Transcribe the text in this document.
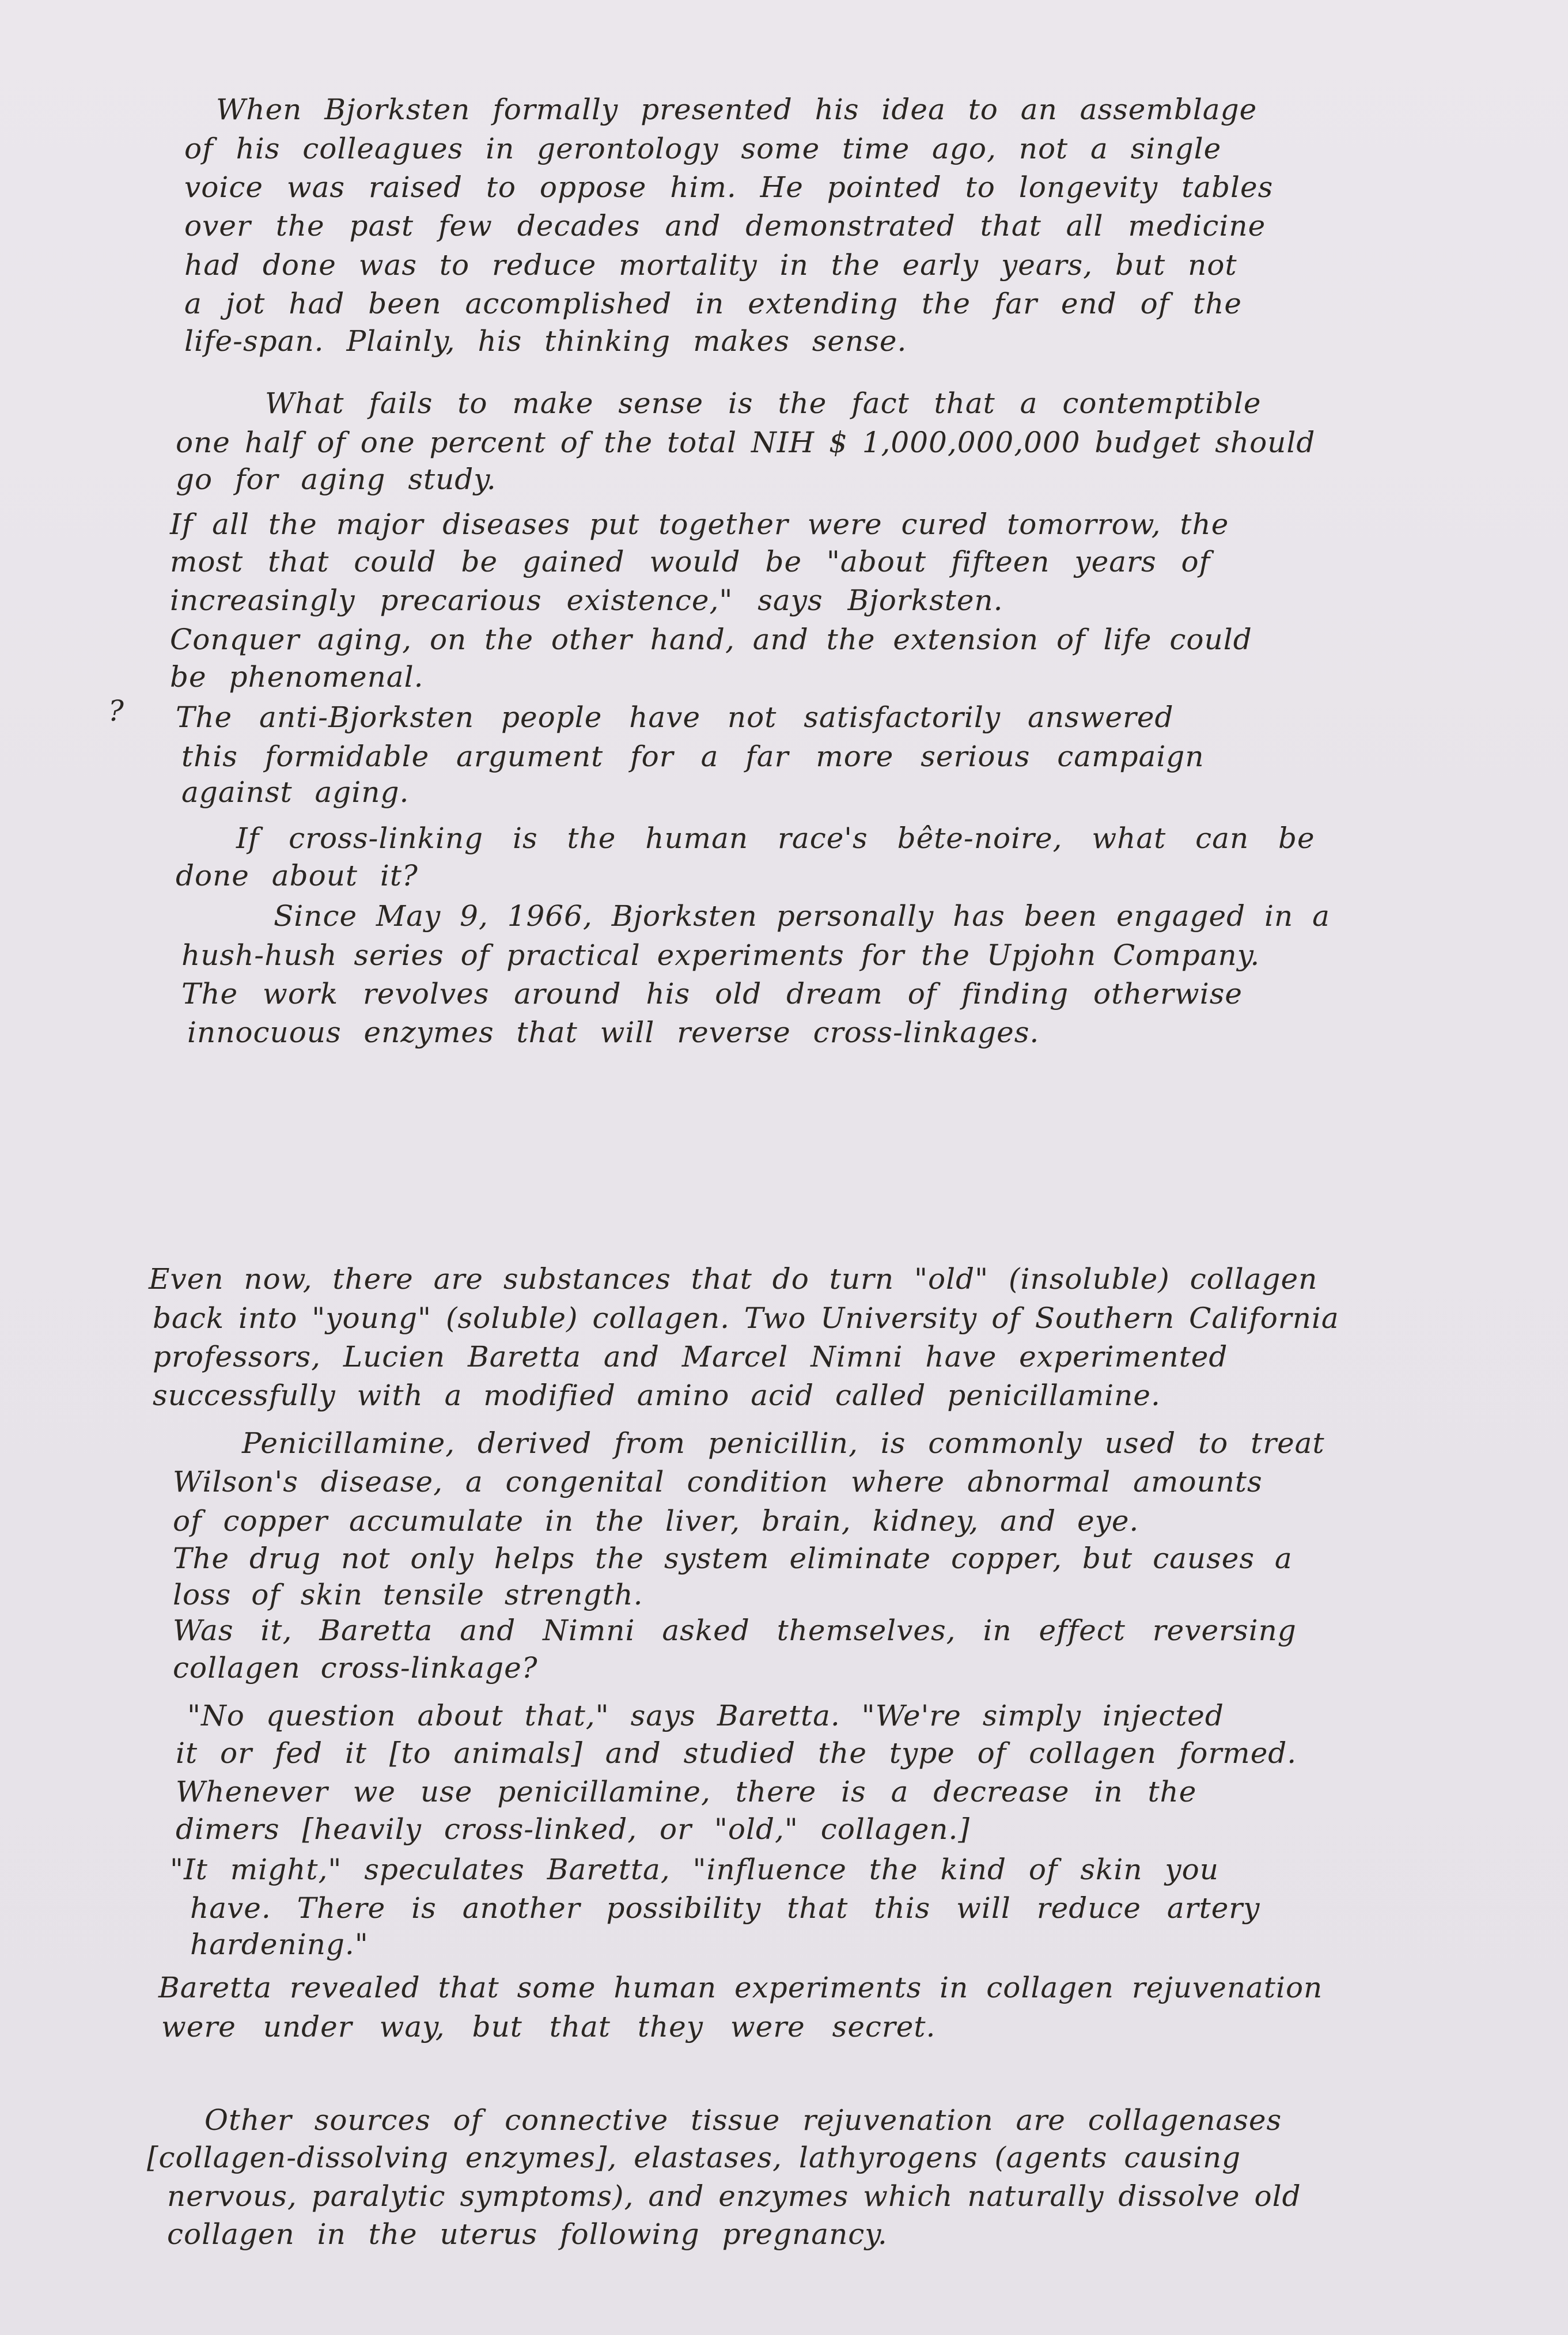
When Bjorksten formally presented his idea to an assemblage
of his colleagues in gerontology some time ago, not a single
voice was raised to oppose him. He pointed to longevity tables
over the past few decades and demonstrated that all medicine
had done was to reduce mortality in the early years, but not
a jot had been accomplished in extending the far end of the
life-span. Plainly, his thinking makes sense.
What fails to make sense is the fact that a contemptible
one half of one percent of the total NIH $ 1,000,000,000 budget should
go for aging study.
If all the major diseases put together were cured tomorrow, the
most that could be gained would be "about fifteen years of
increasingly precarious existence," says Bjorksten.
Conquer aging, on the other hand, and the extension of life could
be phenomenal.
? The anti-Bjorksten people have not satisfactorily answered
this formidable argument for a far more serious campaign
against aging.
If cross-linking is the human race's bête-noire, what can be
done about it?
Since May 9, 1966, Bjorksten personally has been engaged in a
hush-hush series of practical experiments for the Upjohn Company.
The work revolves around his old dream of finding otherwise
innocuous enzymes that will reverse cross-linkages.
Even now, there are substances that do turn "old" (insoluble) collagen
back into "young" (soluble) collagen. Two University of Southern California
professors, Lucien Baretta and Marcel Nimni have experimented
successfully with a modified amino acid called penicillamine.
Penicillamine, derived from penicillin, is commonly used to treat
Wilson's disease, a congenital condition where abnormal amounts
of copper accumulate in the liver, brain, kidney, and eye.
The drug not only helps the system eliminate copper, but causes a
loss of skin tensile strength.
Was it, Baretta and Nimni asked themselves, in effect reversing
collagen cross-linkage?
"No question about that," says Baretta. "We're simply injected
it or fed it [to animals] and studied the type of collagen formed.
Whenever we use penicillamine, there is a decrease in the
dimers [heavily cross-linked, or "old," collagen.]
"It might," speculates Baretta, "influence the kind of skin you
have. There is another possibility that this will reduce artery
hardening."
Baretta revealed that some human experiments in collagen rejuvenation
were under way, but that they were secret.
Other sources of connective tissue rejuvenation are collagenases
[collagen-dissolving enzymes], elastases, lathyrogens (agents causing
nervous, paralytic symptoms), and enzymes which naturally dissolve old
collagen in the uterus following pregnancy.
